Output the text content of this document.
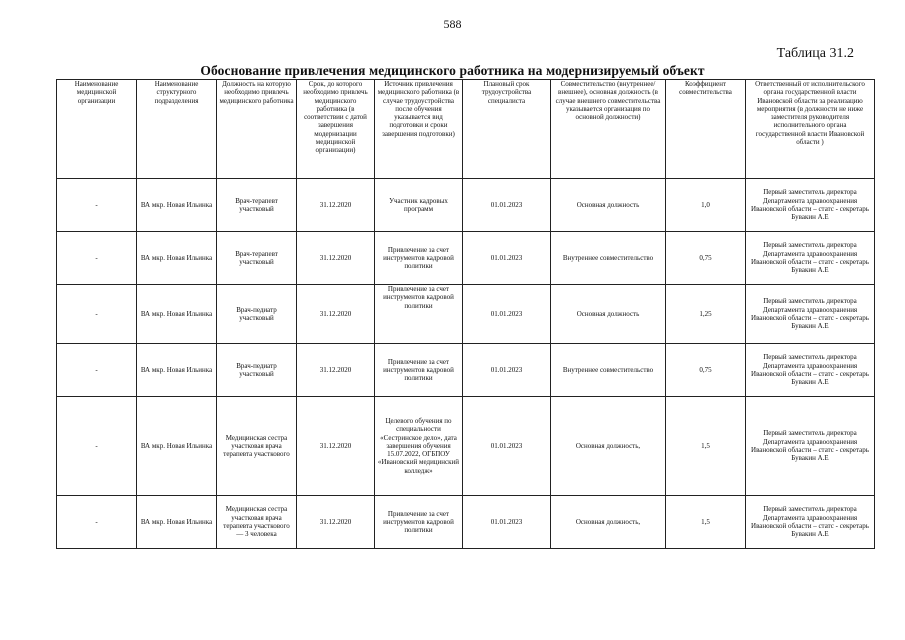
588
Таблица 31.2
Обоснование привлечения медицинского работника на модернизируемый объект
Наименование медицинской организации	Наименование структурного подразделения	Должность на которую необходимо привлечь медицинского работника	Срок, до которого необходимо привлечь медицинского работника (в соответствии с датой завершения модернизации медицинской организации)	Источник привлечения медицинского работника (в случае трудоустройства после обучения указывается вид подготовки и сроки завершения подготовки)	Плановый срок трудоустройства специалиста	Совместительство (внутреннее/внешнее), основная должность (в случае внешнего совместительства указывается организация по основной должности)	Коэффициент совместительства	Ответственный от исполнительского органа государственной власти Ивановской области за реализацию мероприятия (в должности не ниже заместителя руководителя исполнительного органа государственной власти Ивановской области )
-	ВА мкр. Новая Ильинка	Врач-терапевт участковый	31.12.2020	Участник кадровых программ	01.01.2023	Основная должность	1,0	Первый заместитель директора Департамента здравоохранения Ивановской области – статс - секретарь Бувакин А.Е
-	ВА мкр. Новая Ильинка	Врач-терапевт участковый	31.12.2020	Привлечение за счет инструментов кадровой политики	01.01.2023	Внутреннее совместительство	0,75	Первый заместитель директора Департамента здравоохранения Ивановской области – статс - секретарь Бувакин А.Е
-	ВА мкр. Новая Ильинка	Врач-педиатр участковый	31.12.2020	Привлечение за счет инструментов кадровой политики	01.01.2023	Основная должность	1,25	Первый заместитель директора Департамента здравоохранения Ивановской области – статс - секретарь Бувакин А.Е
-	ВА мкр. Новая Ильинка	Врач-педиатр участковый	31.12.2020	Привлечение за счет инструментов кадровой политики	01.01.2023	Внутреннее совместительство	0,75	Первый заместитель директора Департамента здравоохранения Ивановской области – статс - секретарь Бувакин А.Е
-	ВА мкр. Новая Ильинка	Медицинская сестра участковая врача терапевта участкового	31.12.2020	Целевого обучения по специальности «Сестринское дело», дата завершения обучения 15.07.2022, ОГБПОУ «Ивановский медицинский колледж»	01.01.2023	Основная должность,	1,5	Первый заместитель директора Департамента здравоохранения Ивановской области – статс - секретарь Бувакин А.Е
-	ВА мкр. Новая Ильинка	Медицинская сестра участковая врача терапевта участкового — 3 человека	31.12.2020	Привлечение за счет инструментов кадровой политики	01.01.2023	Основная должность,	1,5	Первый заместитель директора Департамента здравоохранения Ивановской области – статс - секретарь Бувакин А.Е
